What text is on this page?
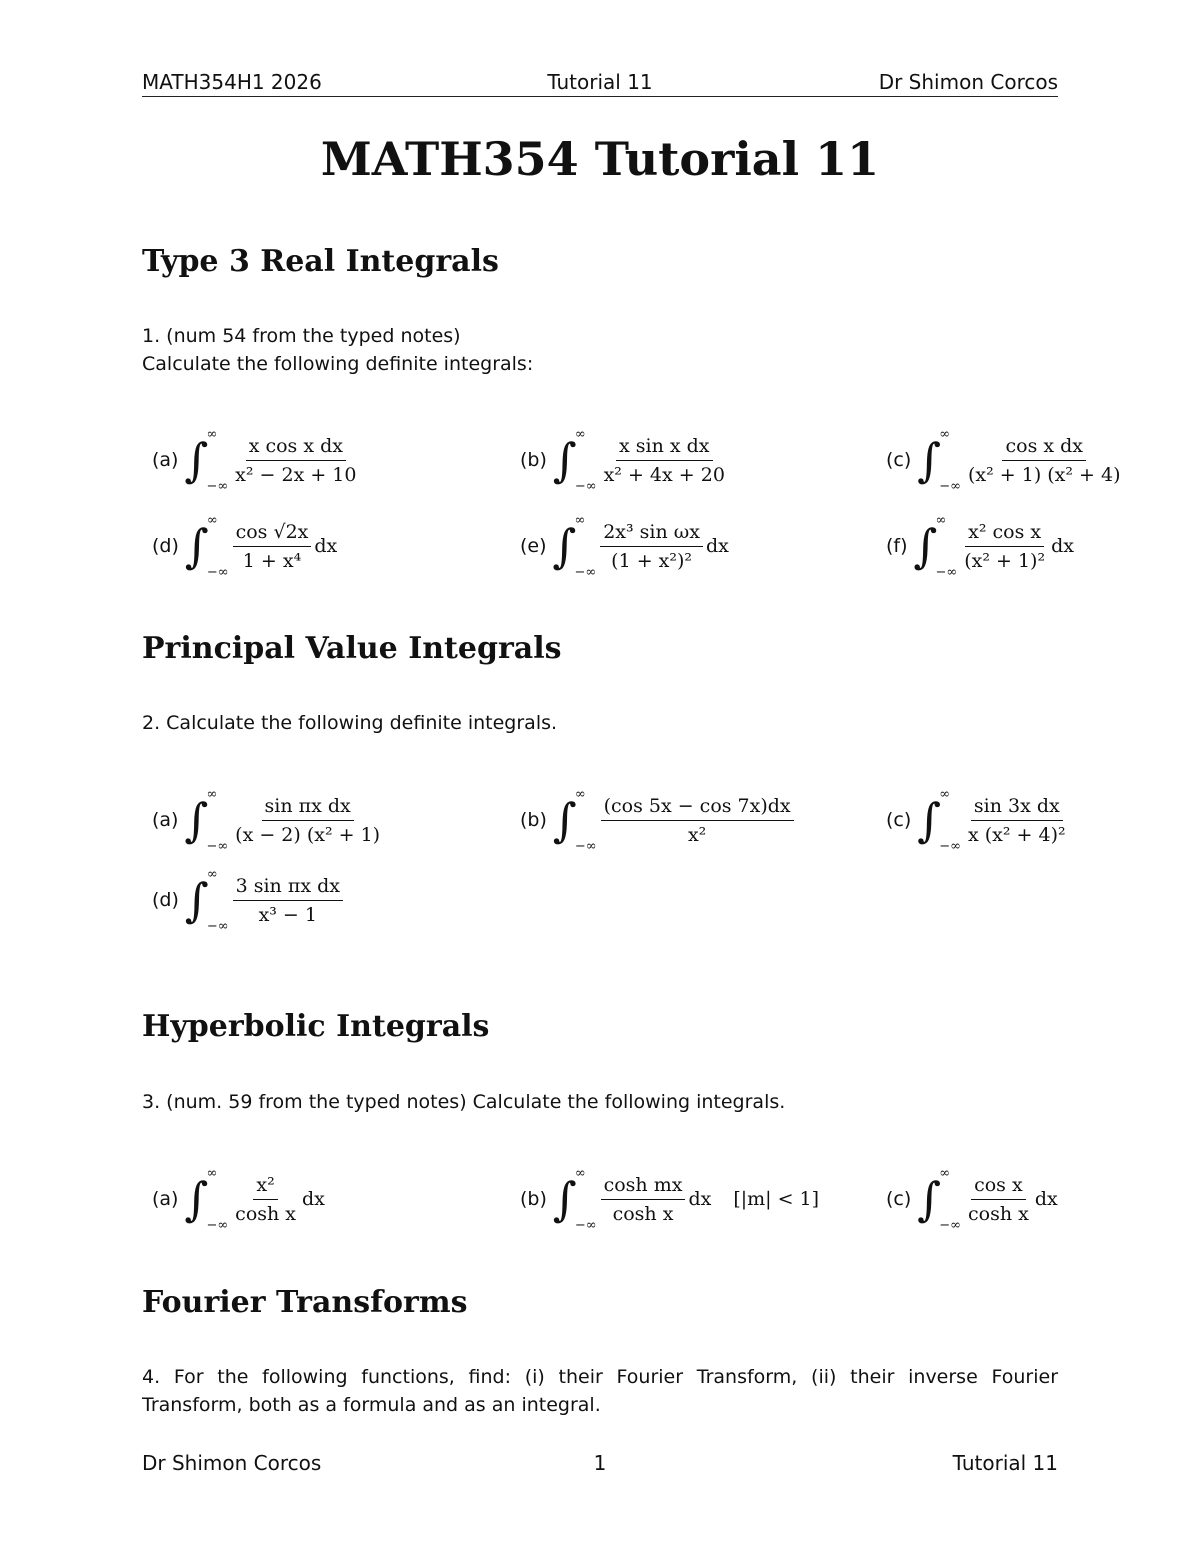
MATH354H1 2026	Tutorial 11	Dr Shimon Corcos
MATH354 Tutorial 11
Type 3 Real Integrals
1. (num 54 from the typed notes)
Calculate the following definite integrals:
(a) ∫
∞
−∞
$\frac{\text{x cos x dx}}{\text{x² − 2x + 10}}$	(b) ∫
∞
−∞
$\frac{\text{x sin x dx}}{\text{x² + 4x + 20}}$	(c) ∫
∞
−∞
$\frac{\text{cos x dx}}{\text{(x² + 1) (x² + 4)}}$
(d) ∫
∞
−∞
$\frac{\cos √2x}{\text{1 + x⁴}}$ dx	(e) ∫
∞
−∞
$\frac{\text{2x³ sin ωx}}{\text{(1 + x²)²}}$ dx	(f) ∫
∞
−∞
$\frac{\text{x² cos x}}{\text{(x² + 1)²}}$ dx
Principal Value Integrals
2. Calculate the following definite integrals.
(a) ∫
∞
−∞
$\frac{\text{sin πx dx}}{\text{(x − 2) (x² + 1)}}$	(b) ∫
∞
−∞
$\frac{(\cos 5x - \cos 7x)dx}{\text{x²}}$	(c) ∫
∞
−∞
$\frac{\text{sin 3x dx}}{\text{x (x² + 4)²}}$
(d) ∫
∞
−∞
$\frac{\text{3 sin πx dx}}{\text{x³ − 1}}$
Hyperbolic Integrals
3. (num. 59 from the typed notes) Calculate the following integrals.
(a) ∫
∞
−∞
$\frac{\text{x²}}{\text{cosh x}}$ dx	(b) ∫
∞
−∞
$\frac{\text{cosh mx}}{\text{cosh x}}$ dx [|m| < 1]	(c) ∫
∞
−∞
$\frac{\text{cos x}}{\text{cosh x}}$ dx
Fourier Transforms
4. For the following functions, find: (i) their Fourier Transform, (ii) their inverse Fourier Transform, both as a formula and as an integral.
Dr Shimon Corcos	1	Tutorial 11
